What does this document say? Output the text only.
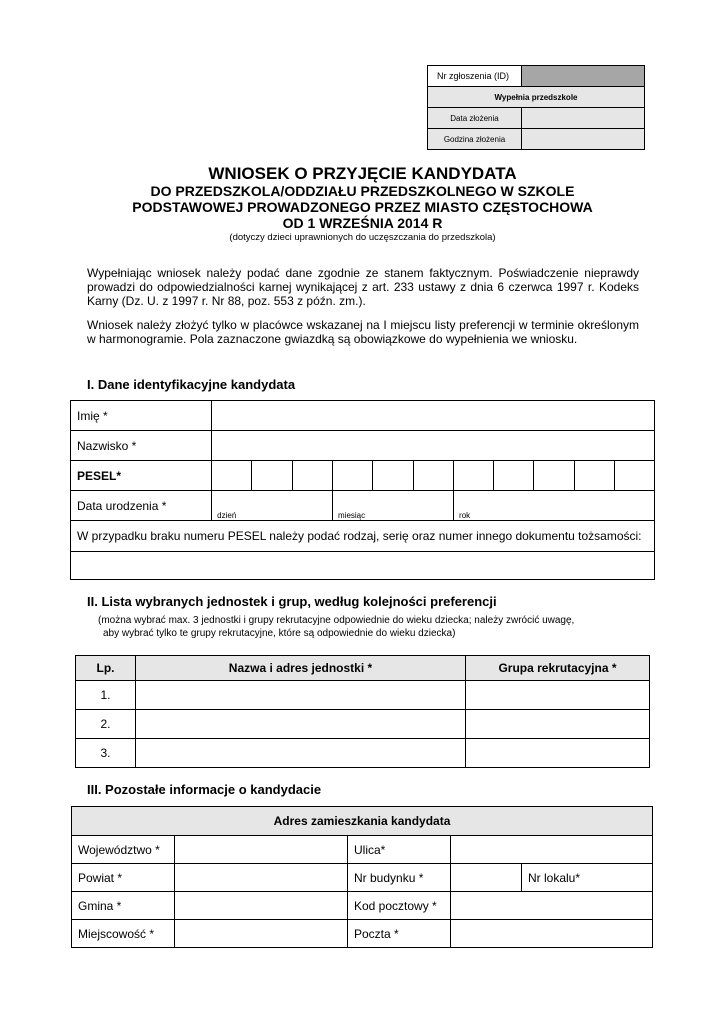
Nr zgłoszenia (ID)	
Wypełnia przedszkole	
Data złożenia	
Godzina złożenia	
WNIOSEK O PRZYJĘCIE KANDYDATA
DO PRZEDSZKOLA/ODDZIAŁU PRZEDSZKOLNEGO W SZKOLE
PODSTAWOWEJ PROWADZONEGO PRZEZ MIASTO CZĘSTOCHOWA
OD 1 WRZEŚNIA 2014 R
(dotyczy dzieci uprawnionych do uczęszczania do przedszkola)
Wypełniając wniosek należy podać dane zgodnie ze stanem faktycznym. Poświadczenie nieprawdy prowadzi do odpowiedzialności karnej wynikającej z art. 233 ustawy z dnia 6 czerwca 1997 r. Kodeks Karny (Dz. U. z 1997 r. Nr 88, poz. 553 z późn. zm.).
Wniosek należy złożyć tylko w placówce wskazanej na I miejscu listy preferencji w terminie określonym w harmonogramie. Pola zaznaczone gwiazdką są obowiązkowe do wypełnienia we wniosku.
I. Dane identyfikacyjne kandydata
Imię *											
Nazwisko *											
PESEL*											
Data urodzenia *	dzień			miesiąc			rok				
W przypadku braku numeru PESEL należy podać rodzaj, serię oraz numer innego dokumentu tożsamości:											

II. Lista wybranych jednostek i grup, według kolejności preferencji
(można wybrać max. 3 jednostki i grupy rekrutacyjne odpowiednie do wieku dziecka; należy zwrócić uwagę,
aby wybrać tylko te grupy rekrutacyjne, które są odpowiednie do wieku dziecka)
Lp.	Nazwa i adres jednostki *	Grupa rekrutacyjna *
1.		
2.		
3.		
III. Pozostałe informacje o kandydacie
Adres zamieszkania kandydata				
Województwo *		Ulica*		
Powiat *		Nr budynku *		Nr lokalu*
Gmina *		Kod pocztowy *		
Miejscowość *		Poczta *		
